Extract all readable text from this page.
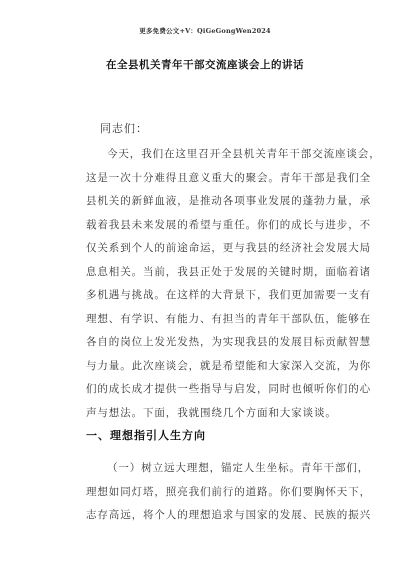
更多免费公文+V：QiGeGongWen2024
在全县机关青年干部交流座谈会上的讲话
同志们：
今天，我们在这里召开全县机关青年干部交流座谈会，
这是一次十分难得且意义重大的聚会。青年干部是我们全
县机关的新鲜血液，是推动各项事业发展的蓬勃力量，承
载着我县未来发展的希望与重任。你们的成长与进步，不
仅关系到个人的前途命运，更与我县的经济社会发展大局
息息相关。当前，我县正处于发展的关键时期，面临着诸
多机遇与挑战。在这样的大背景下，我们更加需要一支有
理想、有学识、有能力、有担当的青年干部队伍，能够在
各自的岗位上发光发热，为实现我县的发展目标贡献智慧
与力量。此次座谈会，就是希望能和大家深入交流，为你
们的成长成才提供一些指导与启发，同时也倾听你们的心
声与想法。下面，我就围绕几个方面和大家谈谈。
一、理想指引人生方向
（一）树立远大理想，锚定人生坐标。青年干部们，
理想如同灯塔，照亮我们前行的道路。你们要胸怀天下，
志存高远，将个人的理想追求与国家的发展、民族的振兴
